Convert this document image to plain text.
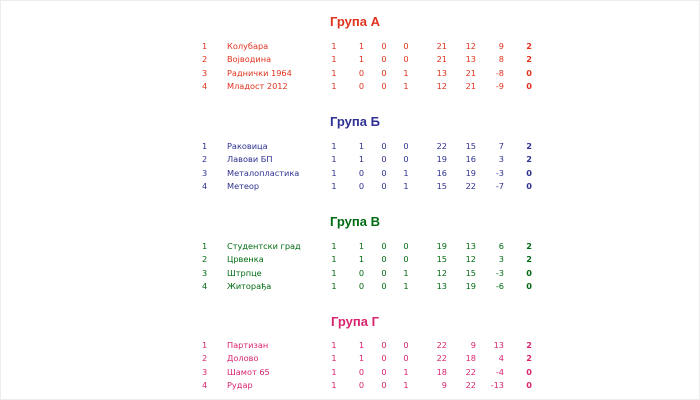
Група А
1	Колубара	1	1	0	0	21	12	9	2
2	Војводина	1	1	0	0	21	13	8	2
3	Раднички 1964	1	0	0	1	13	21	-8	0
4	Младост 2012	1	0	0	1	12	21	-9	0
Група Б
1	Раковица	1	1	0	0	22	15	7	2
2	Лавови БП	1	1	0	0	19	16	3	2
3	Металопластика	1	0	0	1	16	19	-3	0
4	Метеор	1	0	0	1	15	22	-7	0
Група В
1	Студентски град	1	1	0	0	19	13	6	2
2	Црвенка	1	1	0	0	15	12	3	2
3	Штрпце	1	0	0	1	12	15	-3	0
4	Житорађа	1	0	0	1	13	19	-6	0
Група Г
1	Партизан	1	1	0	0	22	9	13	2
2	Долово	1	1	0	0	22	18	4	2
3	Шамот 65	1	0	0	1	18	22	-4	0
4	Рудар	1	0	0	1	9	22	-13	0
